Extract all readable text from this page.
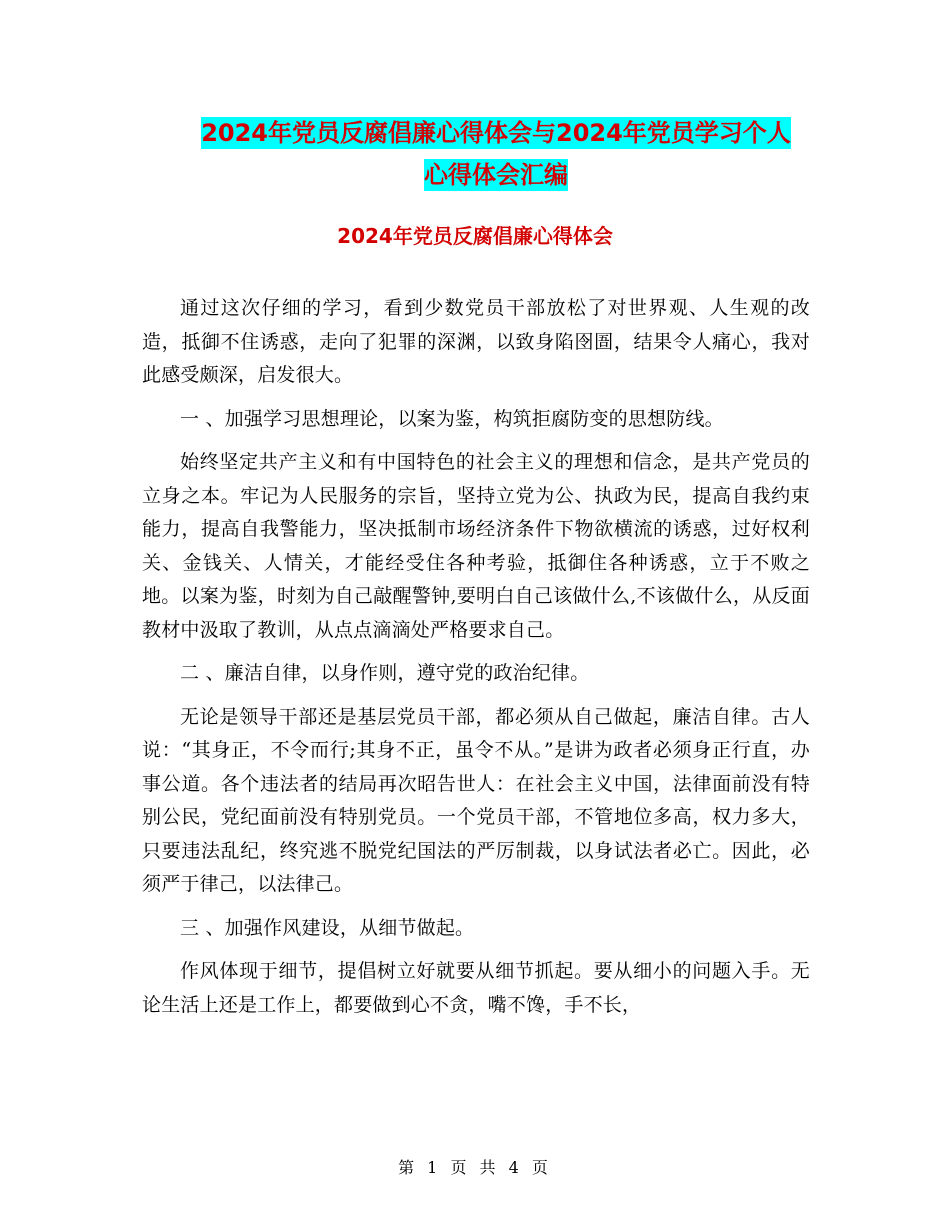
2024年党员反腐倡廉心得体会与2024年党员学习个人
心得体会汇编
2024年党员反腐倡廉心得体会

通过这次仔细的学习，看到少数党员干部放松了对世界观、人生观的改造，抵御不住诱惑，走向了犯罪的深渊，以致身陷囹圄，结果令人痛心，我对此感受颇深，启发很大。

一 、加强学习思想理论，以案为鉴，构筑拒腐防变的思想防线。

始终坚定共产主义和有中国特色的社会主义的理想和信念，是共产党员的立身之本。牢记为人民服务的宗旨，坚持立党为公、执政为民，提高自我约束能力，提高自我警能力，坚决抵制市场经济条件下物欲横流的诱惑，过好权利关、金钱关、人情关，才能经受住各种考验，抵御住各种诱惑，立于不败之地。以案为鉴，时刻为自己敲醒警钟,要明白自己该做什么,不该做什么，从反面教材中汲取了教训，从点点滴滴处严格要求自己。

二 、廉洁自律，以身作则，遵守党的政治纪律。

无论是领导干部还是基层党员干部，都必须从自己做起，廉洁自律。古人说：“其身正，不令而行;其身不正，虽令不从。”是讲为政者必须身正行直，办事公道。各个违法者的结局再次昭告世人：在社会主义中国，法律面前没有特别公民，党纪面前没有特别党员。一个党员干部，不管地位多高，权力多大，只要违法乱纪，终究逃不脱党纪国法的严厉制裁，以身试法者必亡。因此，必须严于律己，以法律己。

三 、加强作风建设，从细节做起。

作风体现于细节，提倡树立好就要从细节抓起。要从细小的问题入手。无论生活上还是工作上，都要做到心不贪，嘴不馋，手不长，

第 1 页 共 4 页
